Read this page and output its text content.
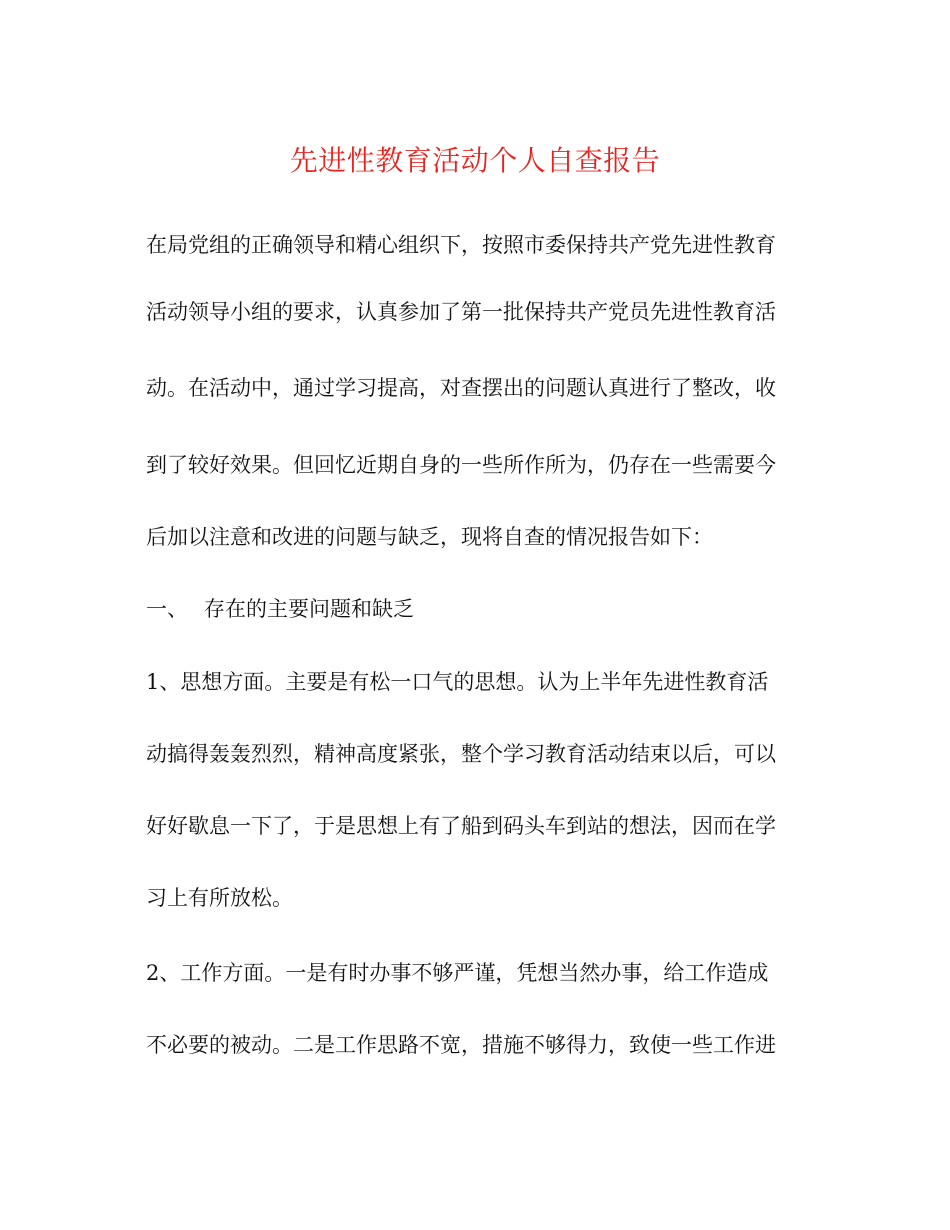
先进性教育活动个人自查报告
在局党组的正确领导和精心组织下，按照市委保持共产党先进性教育
活动领导小组的要求，认真参加了第一批保持共产党员先进性教育活
动。在活动中，通过学习提高，对查摆出的问题认真进行了整改，收
到了较好效果。但回忆近期自身的一些所作所为，仍存在一些需要今
后加以注意和改进的问题与缺乏，现将自查的情况报告如下：
一、 存在的主要问题和缺乏
1、思想方面。主要是有松一口气的思想。认为上半年先进性教育活
动搞得轰轰烈烈，精神高度紧张，整个学习教育活动结束以后，可以
好好歇息一下了，于是思想上有了船到码头车到站的想法，因而在学
习上有所放松。
2、工作方面。一是有时办事不够严谨，凭想当然办事，给工作造成
不必要的被动。二是工作思路不宽，措施不够得力，致使一些工作进
